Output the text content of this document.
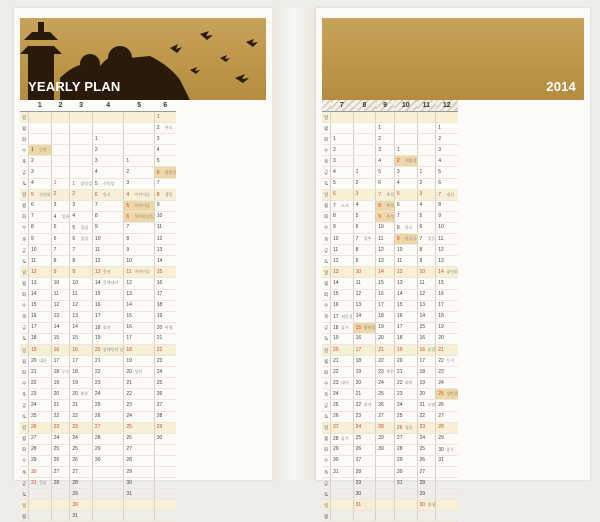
YEARLY PLAN
	1	2	3	4	5	6
일						1
월						2 단오
화				1		3
수	1 신정			2		4
목	2			3	1	5
금	3			4	2	6 현충일
토	4	1	1 삼일절	5 식목일	3	7
일	5 신년회	2	2	6 한식	4 어린이날	8 생일
월	6	3	3	7	5 어린이날	9
화	7	4 입춘	4	8	6 석가탄신일	10
수	8	5	5 경칩	9	7	11
목	9	6	6 경칩	10	8	12
금	10	7	7	11	9	13
토	11	8	8	12	10	14
일	12	9	9	13 총선	11 어버이날	15
월	13	10	10	14 블랙데이	12	16
화	14	11	11	15	13	17
수	15	12	12	16	14	18
목	16	13	13	17	15	19
금	17	14	14	18 회의	16	20 여행
토	18	15	15	19	17	21
일	19	16	16	20 장애인의 날	18	22
월	20 대한	17	17	21	19	23
화	21	18 우수	18	22	20 성년	24
수	22	19	19	23	21	25
목	23	20	20 춘분	24	22	26
금	24	21	21	25	23	27
토	25	22	22	26	24	28
일	26	23	23	27	25	29
월	27	24	24	28	26	30
화	28	25	25	29	27	
수	29	26	26	30	28	
목	30	27	27		29	
금	31 설날	28	28		30	
토			29		31	
일			30			
월			31			
2014
	7	8	9	10	11	12
일						
월			1			1
화	1		2			2
수	2		3	1		3
목	3		4	2 개천절		4
금	4	1	5	3	1	5
토	5	2	6	4	2	6
일	6	3	7 추석	5	3	7 대설
월	7 소서	4	8 추석	6	4	8
화	8	5	9 추석	7	5	9
수	9	6	10	8 한로	6	10
목	10	7 입추	11	9 한글날	7 입동	11
금	11	8	12	10	8	12
토	12	9	13	11	9	13
일	13	10	14	12	10	14 송년회
월	14	11	15	13	11	15
화	15	12	16	14	12	16
수	16	13	17	15	13	17
목	17 제헌절	14	18	16	14	18
금	18 휴가	15 광복절	19	17	15	19
토	19	16	20	18	16	20
일	20	17	21	19	16 휴일	21
월	21	18	22	20	17	22 동지
화	22	19	23 추분	21	18	23
수	23 대서	20	24	22 회의	19	24
목	24	21	25	23	20	25 성탄절
금	25	22 처서	26	24	21 모임	26
토	26	23	27	25	22	27
일	27	24	28	26 결혼	23	28
월	28 휴가	25	29	27	24	29
화	29	26	30	28	25	30 종무
수	30	27		29	26	31
목	31	28		30	27	
금		29		31	28	
토		30			29	
일		31			30 대청	
월						
